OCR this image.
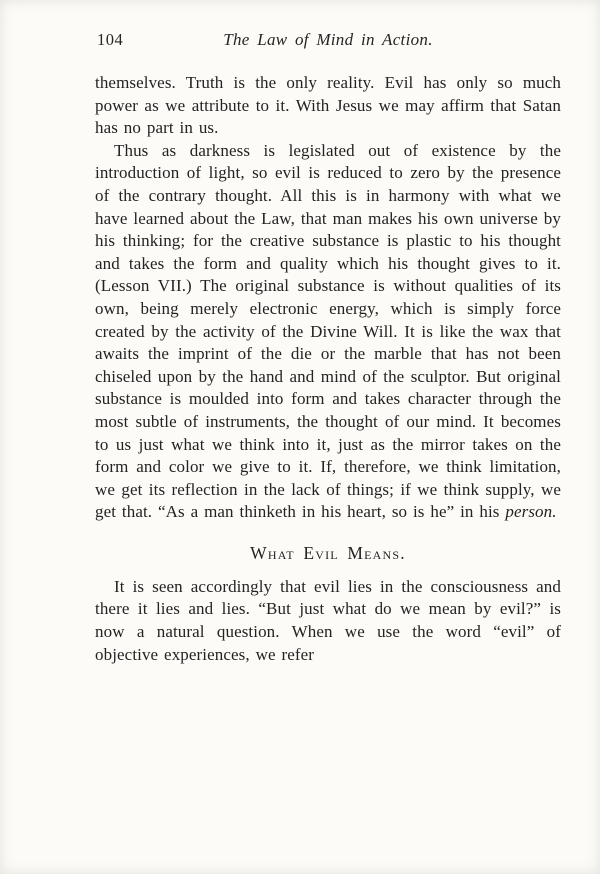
104	The Law of Mind in Action.

themselves. Truth is the only reality. Evil has only so much power as we attribute to it. With Jesus we may affirm that Satan has no part in us.

Thus as darkness is legislated out of existence by the introduction of light, so evil is reduced to zero by the presence of the contrary thought. All this is in harmony with what we have learned about the Law, that man makes his own universe by his thinking; for the creative substance is plastic to his thought and takes the form and quality which his thought gives to it. (Lesson VII.) The original substance is without qualities of its own, being merely electronic energy, which is simply force created by the activity of the Divine Will. It is like the wax that awaits the imprint of the die or the marble that has not been chiseled upon by the hand and mind of the sculptor. But original substance is moulded into form and takes character through the most subtle of instruments, the thought of our mind. It becomes to us just what we think into it, just as the mirror takes on the form and color we give to it. If, therefore, we think limitation, we get its reflection in the lack of things; if we think supply, we get that. “As a man thinketh in his heart, so is he” in his person.

What Evil Means.

It is seen accordingly that evil lies in the consciousness and there it lies and lies. “But just what do we mean by evil?” is now a natural question. When we use the word “evil” of objective experiences, we refer
